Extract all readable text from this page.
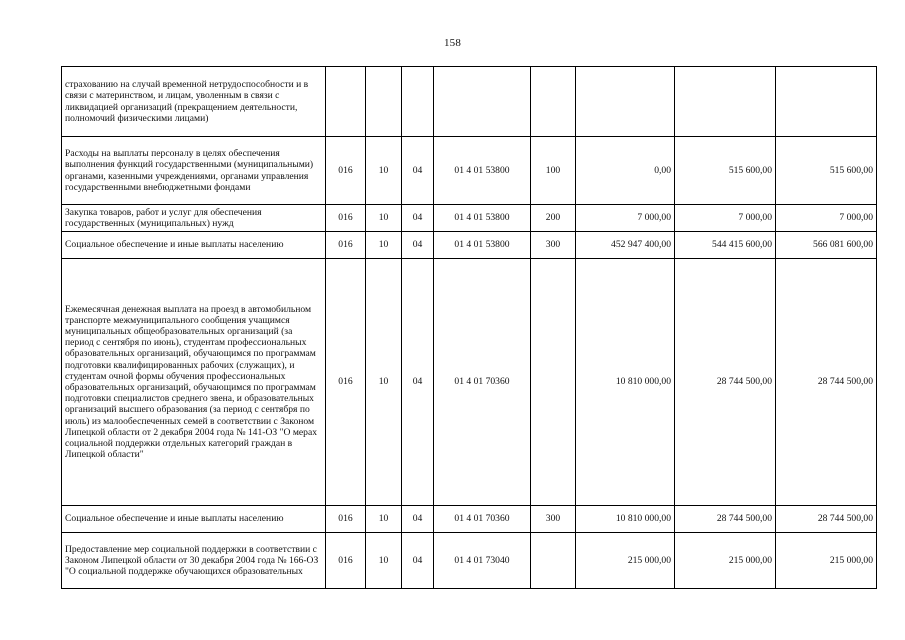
158
страхованию на случай временной нетрудоспособности и в связи с материнством, и лицам, уволенным в связи с ликвидацией организаций (прекращением деятельности, полномочий физическими лицами)								
Расходы на выплаты персоналу в целях обеспечения выполнения функций государственными (муниципальными) органами, казенными учреждениями, органами управления государственными внебюджетными фондами	016	10	04	01 4 01 53800	100	0,00	515 600,00	515 600,00
Закупка товаров, работ и услуг для обеспечения государственных (муниципальных) нужд	016	10	04	01 4 01 53800	200	7 000,00	7 000,00	7 000,00
Социальное обеспечение и иные выплаты населению	016	10	04	01 4 01 53800	300	452 947 400,00	544 415 600,00	566 081 600,00
Ежемесячная денежная выплата на проезд в автомобильном транспорте межмуниципального сообщения учащимся муниципальных общеобразовательных организаций (за период с сентября по июнь), студентам профессиональных образовательных организаций, обучающимся по программам подготовки квалифицированных рабочих (служащих), и студентам очной формы обучения профессиональных образовательных организаций, обучающимся по программам подготовки специалистов среднего звена, и образовательных организаций высшего образования (за период с сентября по июль) из малообеспеченных семей в соответствии с Законом Липецкой области от 2 декабря 2004 года № 141-ОЗ "О мерах социальной поддержки отдельных категорий граждан в Липецкой области"	016	10	04	01 4 01 70360		10 810 000,00	28 744 500,00	28 744 500,00
Социальное обеспечение и иные выплаты населению	016	10	04	01 4 01 70360	300	10 810 000,00	28 744 500,00	28 744 500,00
Предоставление мер социальной поддержки в соответствии с Законом Липецкой области от 30 декабря 2004 года № 166-ОЗ "О социальной поддержке обучающихся образовательных	016	10	04	01 4 01 73040		215 000,00	215 000,00	215 000,00
